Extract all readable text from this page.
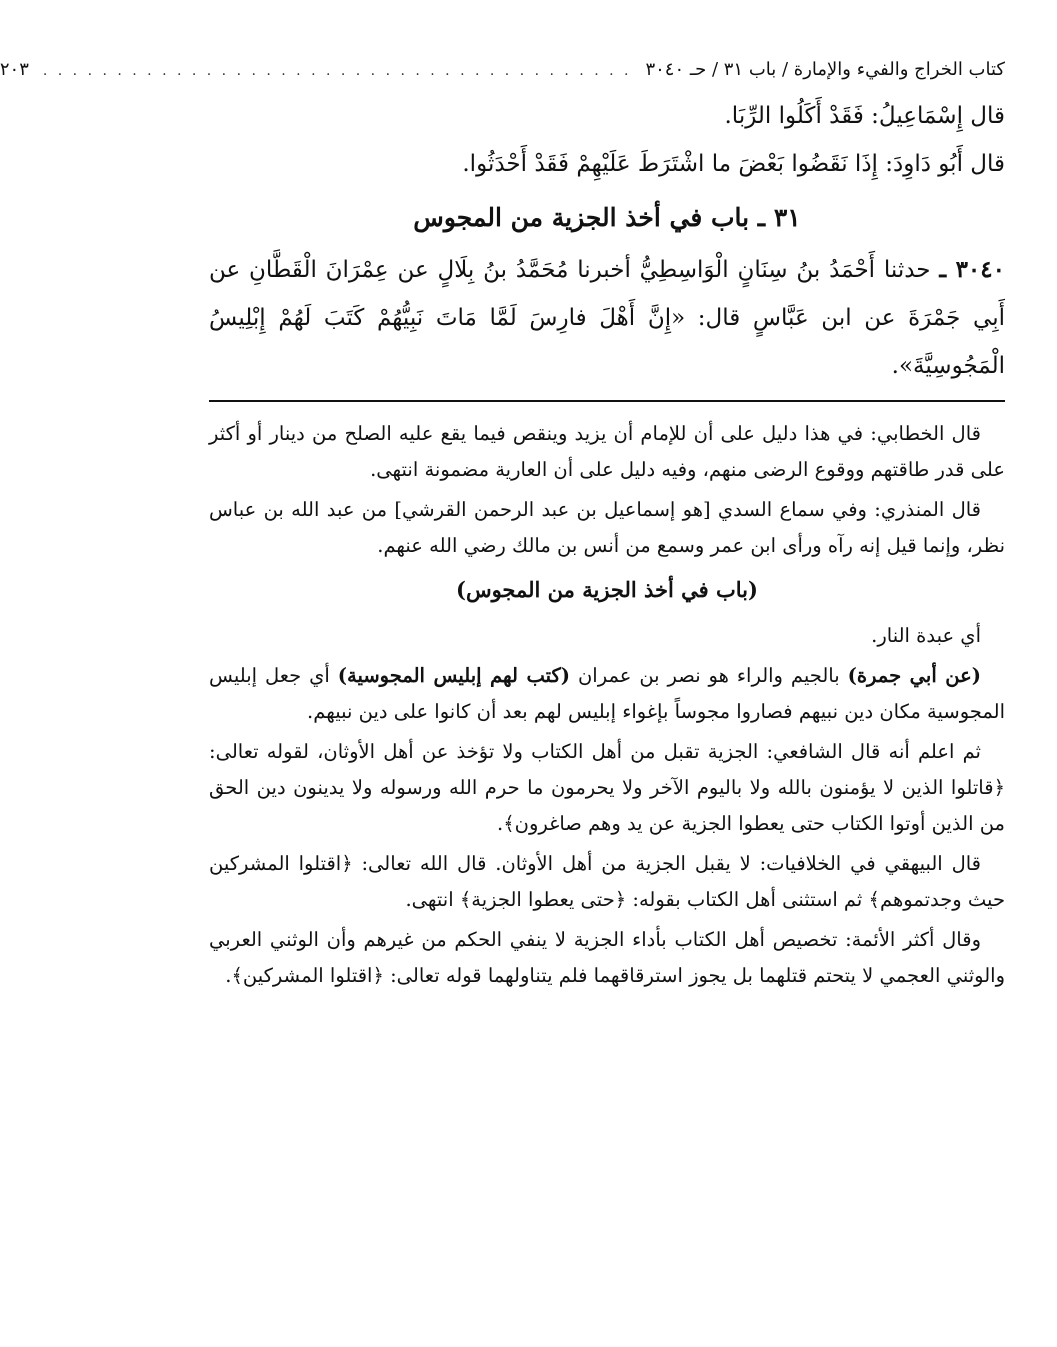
كتاب الخراج والفيء والإمارة / باب ٣١ / حـ ٣٠٤٠
. . . . . . . . . . . . . . . . . . . . . . . . . . . . . . . . . . . . . . . .
٢٠٣

قال إِسْمَاعِيلُ: فَقَدْ أَكَلُوا الرِّبَا.

قال أَبُو دَاوِدَ: إِذَا نَقَضُوا بَعْضَ ما اشْتَرَطَ عَلَيْهِمْ فَقَدْ أَحْدَثُوا.

٣١ ـ باب في أخذ الجزية من المجوس

٣٠٤٠ ـ حدثنا أَحْمَدُ بنُ سِنَانٍ الْوَاسِطِيُّ أخبرنا مُحَمَّدُ بنُ بِلَالٍ عن عِمْرَانَ الْقَطَّانِ عن أَبِي جَمْرَةَ عن ابن عَبَّاسٍ قال: «إِنَّ أَهْلَ فارِسَ لَمَّا مَاتَ نَبِيُّهُمْ كَتَبَ لَهُمْ إِبْلِيسُ الْمَجُوسِيَّةَ».

قال الخطابي: في هذا دليل على أن للإمام أن يزيد وينقص فيما يقع عليه الصلح من دينار أو أكثر على قدر طاقتهم ووقوع الرضى منهم، وفيه دليل على أن العارية مضمونة انتهى.

قال المنذري: وفي سماع السدي [هو إسماعيل بن عبد الرحمن القرشي] من عبد الله بن عباس نظر، وإنما قيل إنه رآه ورأى ابن عمر وسمع من أنس بن مالك رضي الله عنهم.

(باب في أخذ الجزية من المجوس)

أي عبدة النار.

(عن أبي جمرة) بالجيم والراء هو نصر بن عمران (كتب لهم إبليس المجوسية) أي جعل إبليس المجوسية مكان دين نبيهم فصاروا مجوساً بإغواء إبليس لهم بعد أن كانوا على دين نبيهم.

ثم اعلم أنه قال الشافعي: الجزية تقبل من أهل الكتاب ولا تؤخذ عن أهل الأوثان، لقوله تعالى: ﴿قاتلوا الذين لا يؤمنون بالله ولا باليوم الآخر ولا يحرمون ما حرم الله ورسوله ولا يدينون دين الحق من الذين أوتوا الكتاب حتى يعطوا الجزية عن يد وهم صاغرون﴾.

قال البيهقي في الخلافيات: لا يقبل الجزية من أهل الأوثان. قال الله تعالى: ﴿اقتلوا المشركين حيث وجدتموهم﴾ ثم استثنى أهل الكتاب بقوله: ﴿حتى يعطوا الجزية﴾ انتهى.

وقال أكثر الأئمة: تخصيص أهل الكتاب بأداء الجزية لا ينفي الحكم من غيرهم وأن الوثني العربي والوثني العجمي لا يتحتم قتلهما بل يجوز استرقاقهما فلم يتناولهما قوله تعالى: ﴿اقتلوا المشركين﴾.
